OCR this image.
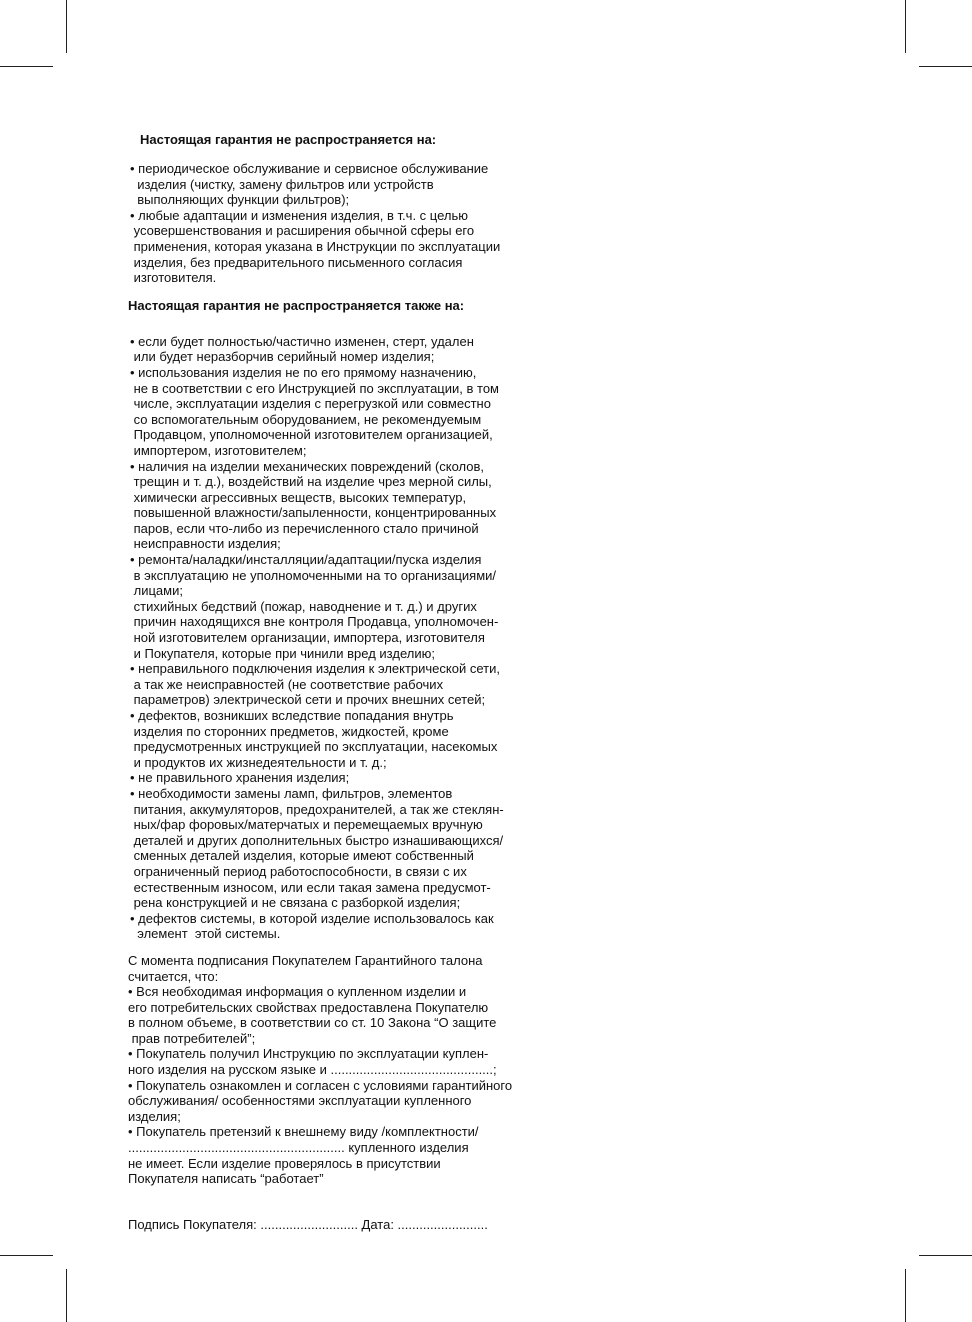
Настоящая гарантия не распространяется на:

• периодическое обслуживание и сервисное обслуживание
изделия (чистку, замену фильтров или устройств
выполняющих функции фильтров);
• любые адаптации и изменения изделия, в т.ч. с целью
усовершенствования и расширения обычной сферы его
применения, которая указана в Инструкции по эксплуатации
изделия, без предварительного письменного согласия
изготовителя.

Настоящая гарантия не распространяется также на:

• если будет полностью/частично изменен, стерт, удален
или будет неразборчив серийный номер изделия;
• использования изделия не по его прямому назначению,
не в соответствии с его Инструкцией по эксплуатации, в том
числе, эксплуатации изделия с перегрузкой или совместно
со вспомогательным оборудованием, не рекомендуемым
Продавцом, уполномоченной изготовителем организацией,
импортером, изготовителем;
• наличия на изделии механических повреждений (сколов,
трещин и т. д.), воздействий на изделие чрез мерной силы,
химически агрессивных веществ, высоких температур,
повышенной влажности/запыленности, концентрированных
паров, если что-либо из перечисленного стало причиной
неисправности изделия;
• ремонта/наладки/инсталляции/адаптации/пуска изделия
в эксплуатацию не уполномоченными на то организациями/
лицами;
стихийных бедствий (пожар, наводнение и т. д.) и других
причин находящихся вне контроля Продавца, уполномочен-
ной изготовителем организации, импортера, изготовителя
и Покупателя, которые при чинили вред изделию;
• неправильного подключения изделия к электрической сети,
а так же неисправностей (не соответствие рабочих
параметров) электрической сети и прочих внешних сетей;
• дефектов, возникших вследствие попадания внутрь
изделия по сторонних предметов, жидкостей, кроме
предусмотренных инструкцией по эксплуатации, насекомых
и продуктов их жизнедеятельности и т. д.;
• не правильного хранения изделия;
• необходимости замены ламп, фильтров, элементов
питания, аккумуляторов, предохранителей, а так же стеклян-
ных/фар форовых/матерчатых и перемещаемых вручную
деталей и других дополнительных быстро изнашивающихся/
сменных деталей изделия, которые имеют собственный
ограниченный период работоспособности, в связи с их
естественным износом, или если такая замена предусмот-
рена конструкцией и не связана с разборкой изделия;
• дефектов системы, в которой изделие использовалось как
элемент  этой системы.
С момента подписания Покупателем Гарантийного талона
считается, что:
• Вся необходимая информация о купленном изделии и
его потребительских свойствах предоставлена Покупателю
в полном объеме, в соответствии со ст. 10 Закона “О защите
прав потребителей”;
• Покупатель получил Инструкцию по эксплуатации куплен-
ного изделия на русском языке и .............................................;
• Покупатель ознакомлен и согласен с условиями гарантийного
обслуживания/ особенностями эксплуатации купленного
изделия;
• Покупатель претензий к внешнему виду /комплектности/
............................................................ купленного изделия
не имеет. Если изделие проверялось в присутствии
Покупателя написать “работает”

Подпись Покупателя: ........................... Дата: .........................
